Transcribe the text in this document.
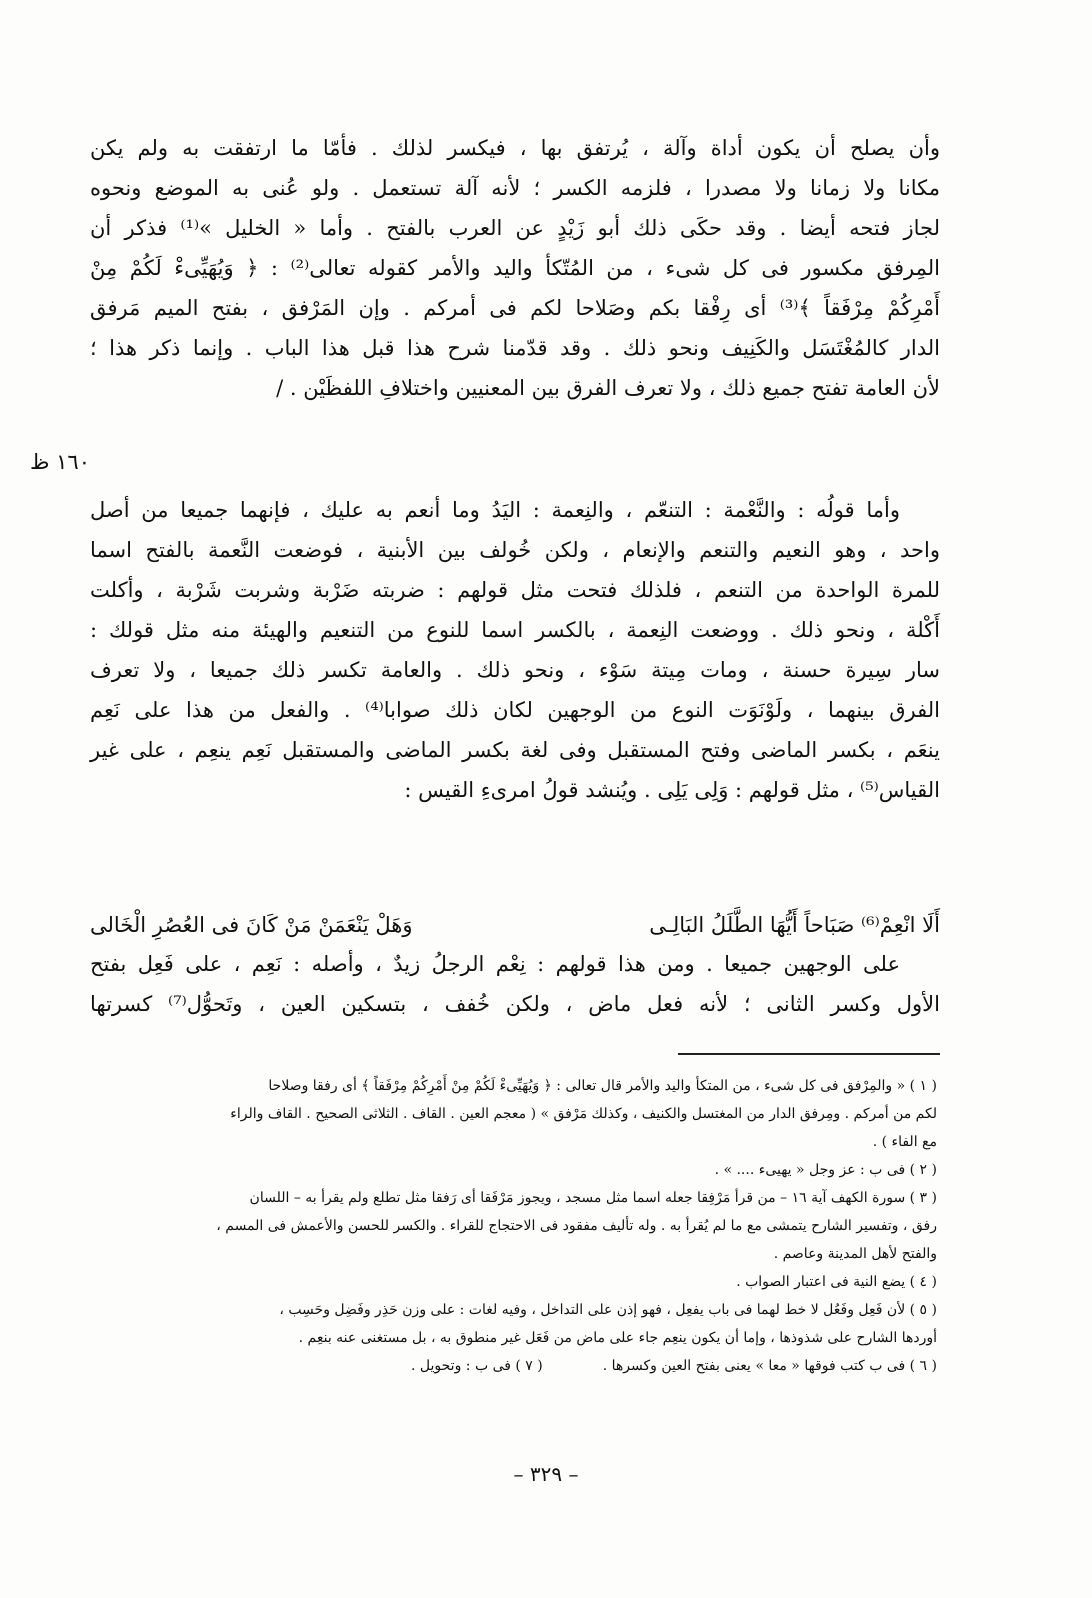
وأن يصلح أن يكون أداة وآلة ، يُرتفق بها ، فيكسر لذلك . فأمّا ما ارتفقت به ولم يكن
مكانا ولا زمانا ولا مصدرا ، فلزمه الكسر ؛ لأنه آلة تستعمل . ولو عُنى به الموضع ونحوه
لجاز فتحه أيضا . وقد حكَى ذلك أبو زَيْدٍ عن العرب بالفتح . وأما « الخليل »⁽¹⁾ فذكر أن
المِرفق مكسور فى كل شىء ، من المُتّكأ واليد والأمر كقوله تعالى⁽²⁾ : ﴿ وَيُهَيِّىءْ لَكُمْ مِنْ
أَمْرِكُمْ مِرْفَقاً ﴾⁽³⁾ أى رِفْقا بكم وصَلاحا لكم فى أمركم . وإن المَرْفق ، بفتح الميم مَرفق
الدار كالمُغْتَسَل والكَنِيف ونحو ذلك . وقد قدّمنا شرح هذا قبل هذا الباب . وإنما ذكر هذا ؛
لأن العامة تفتح جميع ذلك ، ولا تعرف الفرق بين المعنيين واختلافِ اللفظَيْن . /
١٦٠ ظ
وأما قولُه : والنَّعْمة : التنعّم ، والنِعمة : اليَدُ وما أنعم به عليك ، فإنهما جميعا من أصل
واحد ، وهو النعيم والتنعم والإنعام ، ولكن خُولف بين الأبنية ، فوضعت النَّعمة بالفتح اسما
للمرة الواحدة من التنعم ، فلذلك فتحت مثل قولهم : ضربته ضَرْبة وشربت شَرْبة ، وأكلت
أَكْلة ، ونحو ذلك . ووضعت النِعمة ، بالكسر اسما للنوع من التنعيم والهيئة منه مثل قولك :
سار سِيرة حسنة ، ومات مِيتة سَوْء ، ونحو ذلك . والعامة تكسر ذلك جميعا ، ولا تعرف
الفرق بينهما ، ولَوْنَوَت النوع من الوجهين لكان ذلك صوابا⁽⁴⁾ . والفعل من هذا على نَعِم
ينعَم ، بكسر الماضى وفتح المستقبل وفى لغة بكسر الماضى والمستقبل نَعِم ينعِم ، على غير
القياس⁽⁵⁾ ، مثل قولهم : وَلِى يَلِى . ويُنشد قولُ امرىءِ القيس :
أَلَا انْعِمْ⁽⁶⁾ صَبَاحاً أَيُّهَا الطَّلَلُ البَالِـى
وَهَلْ يَنْعَمَنْ مَنْ كَانَ فى العُصُرِ الْخَالى
على الوجهين جميعا . ومن هذا قولهم : نِعْم الرجلُ زيدٌ ، وأصله : نَعِم ، على فَعِل بفتح
الأول وكسر الثانى ؛ لأنه فعل ماض ، ولكن خُفف ، بتسكين العين ، وتَحوُّل⁽⁷⁾ كسرتها
( ١ ) « والمِرْفق فى كل شىء ، من المتكأ واليد والأمر قال تعالى : ﴿ وَيُهَيِّىءْ لَكُمْ مِنْ أَمْرِكُمْ مِرْفَقاً ﴾ أى رفقا وصلاحا
لكم من أمركم . ومِرفق الدار من المغتسل والكنيف ، وكذلك مَرْفق » ( معجم العين . القاف . الثلاثى الصحيح . القاف والراء
مع الفاء ) .
( ٢ ) فى ب : عز وجل « يهيىء .... » .
( ٣ ) سورة الكهف آية ١٦ – من قرأ مَرْفِقا جعله اسما مثل مسجد ، ويجوز مَرْفَقا أى رَفقا مثل تطلع ولم يقرأ به – اللسان
رفق ، وتفسير الشارح يتمشى مع ما لم يُقرأ به . وله تأليف مفقود فى الاحتجاج للقراء . والكسر للحسن والأعمش فى المسم ،
والفتح لأهل المدينة وعاصم .
( ٤ ) يضع النية فى اعتبار الصواب .
( ٥ ) لأن فَعِل وفَعُل لا خط لهما فى باب يفعِل ، فهو إذن على التداخل ، وفيه لغات : على وزن حَذِر وفَضِل وحَسِب ،
أوردها الشارح على شذوذها ، وإما أن يكون ينعِم جاء على ماض من فَعَل غير منطوق به ، بل مستغنى عنه بنعِم .
( ٦ ) فى ب كتب فوقها « معا » يعنى بفتح العين وكسرها .( ٧ ) فى ب : وتحويل .
– ٣٢٩ –
